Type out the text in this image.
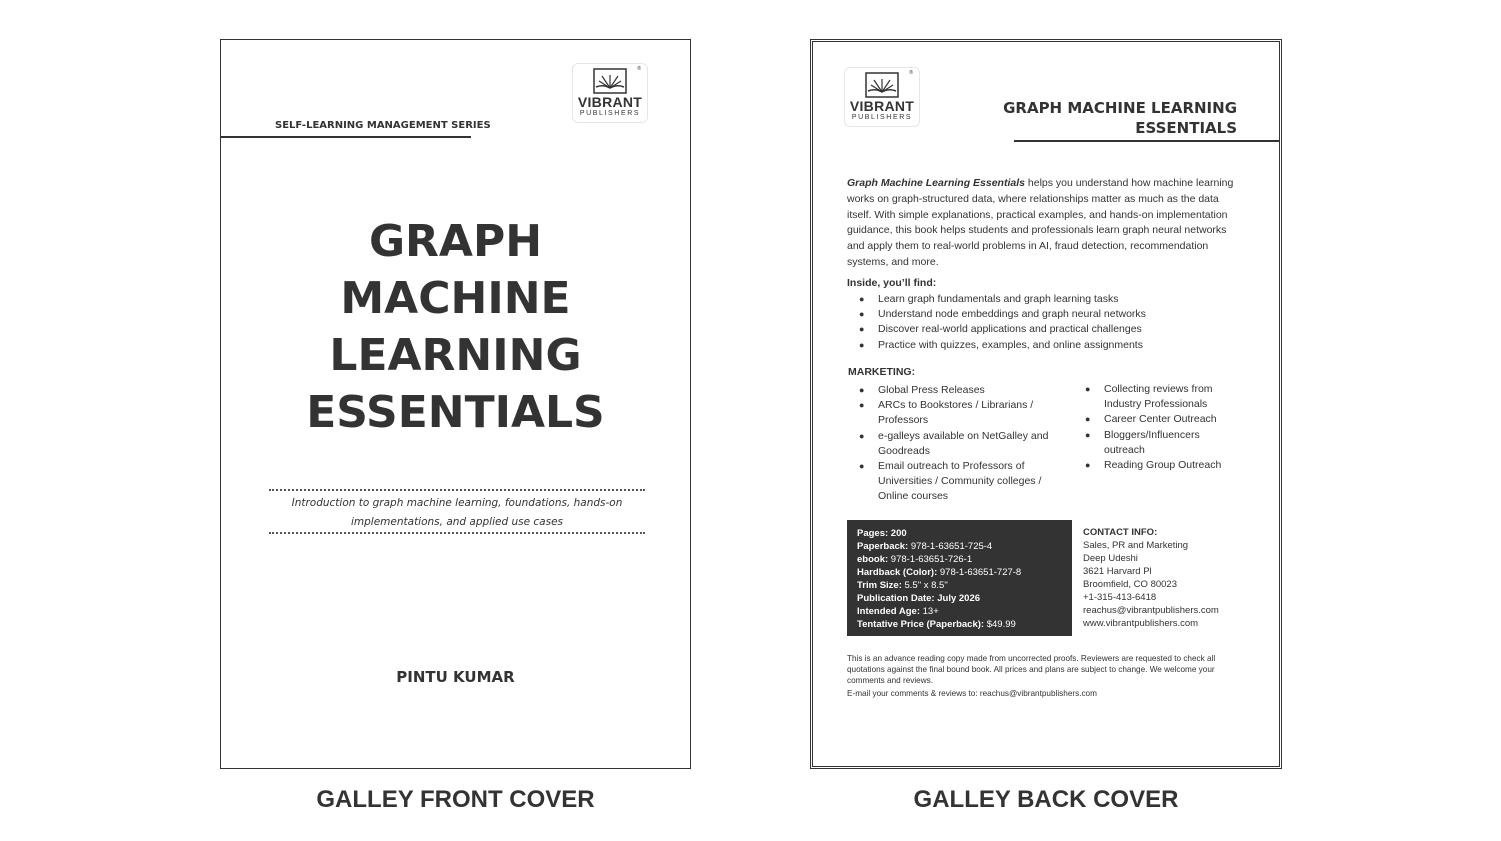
®
VIBRANT
PUBLISHERS
SELF-LEARNING MANAGEMENT SERIES
GRAPH
MACHINE
LEARNING
ESSENTIALS
Introduction to graph machine learning, foundations, hands-on
implementations, and applied use cases
PINTU KUMAR
GALLEY FRONT COVER
®
VIBRANT
PUBLISHERS
GRAPH MACHINE LEARNING
ESSENTIALS
Graph Machine Learning Essentials helps you understand how machine learning works on graph-structured data, where relationships matter as much as the data itself. With simple explanations, practical examples, and hands-on implementation guidance, this book helps students and professionals learn graph neural networks and apply them to real-world problems in AI, fraud detection, recommendation systems, and more.
Inside, you’ll find:
● Learn graph fundamentals and graph learning tasks
● Understand node embeddings and graph neural networks
● Discover real-world applications and practical challenges
● Practice with quizzes, examples, and online assignments
MARKETING:
● Global Press Releases
● ARCs to Bookstores / Librarians / Professors
● e-galleys available on NetGalley and Goodreads
● Email outreach to Professors of Universities / Community colleges / Online courses
● Collecting reviews from Industry Professionals
● Career Center Outreach
● Bloggers/Influencers outreach
● Reading Group Outreach
Pages: 200
Paperback: 978-1-63651-725-4
ebook: 978-1-63651-726-1
Hardback (Color): 978-1-63651-727-8
Trim Size: 5.5" x 8.5"
Publication Date: July 2026
Intended Age: 13+
Tentative Price (Paperback): $49.99
CONTACT INFO:
Sales, PR and Marketing
Deep Udeshi
3621 Harvard Pl
Broomfield, CO 80023
+1-315-413-6418
reachus@vibrantpublishers.com
www.vibrantpublishers.com
This is an advance reading copy made from uncorrected proofs. Reviewers are requested to check all quotations against the final bound book. All prices and plans are subject to change. We welcome your comments and reviews.
E-mail your comments & reviews to: reachus@vibrantpublishers.com
GALLEY BACK COVER
